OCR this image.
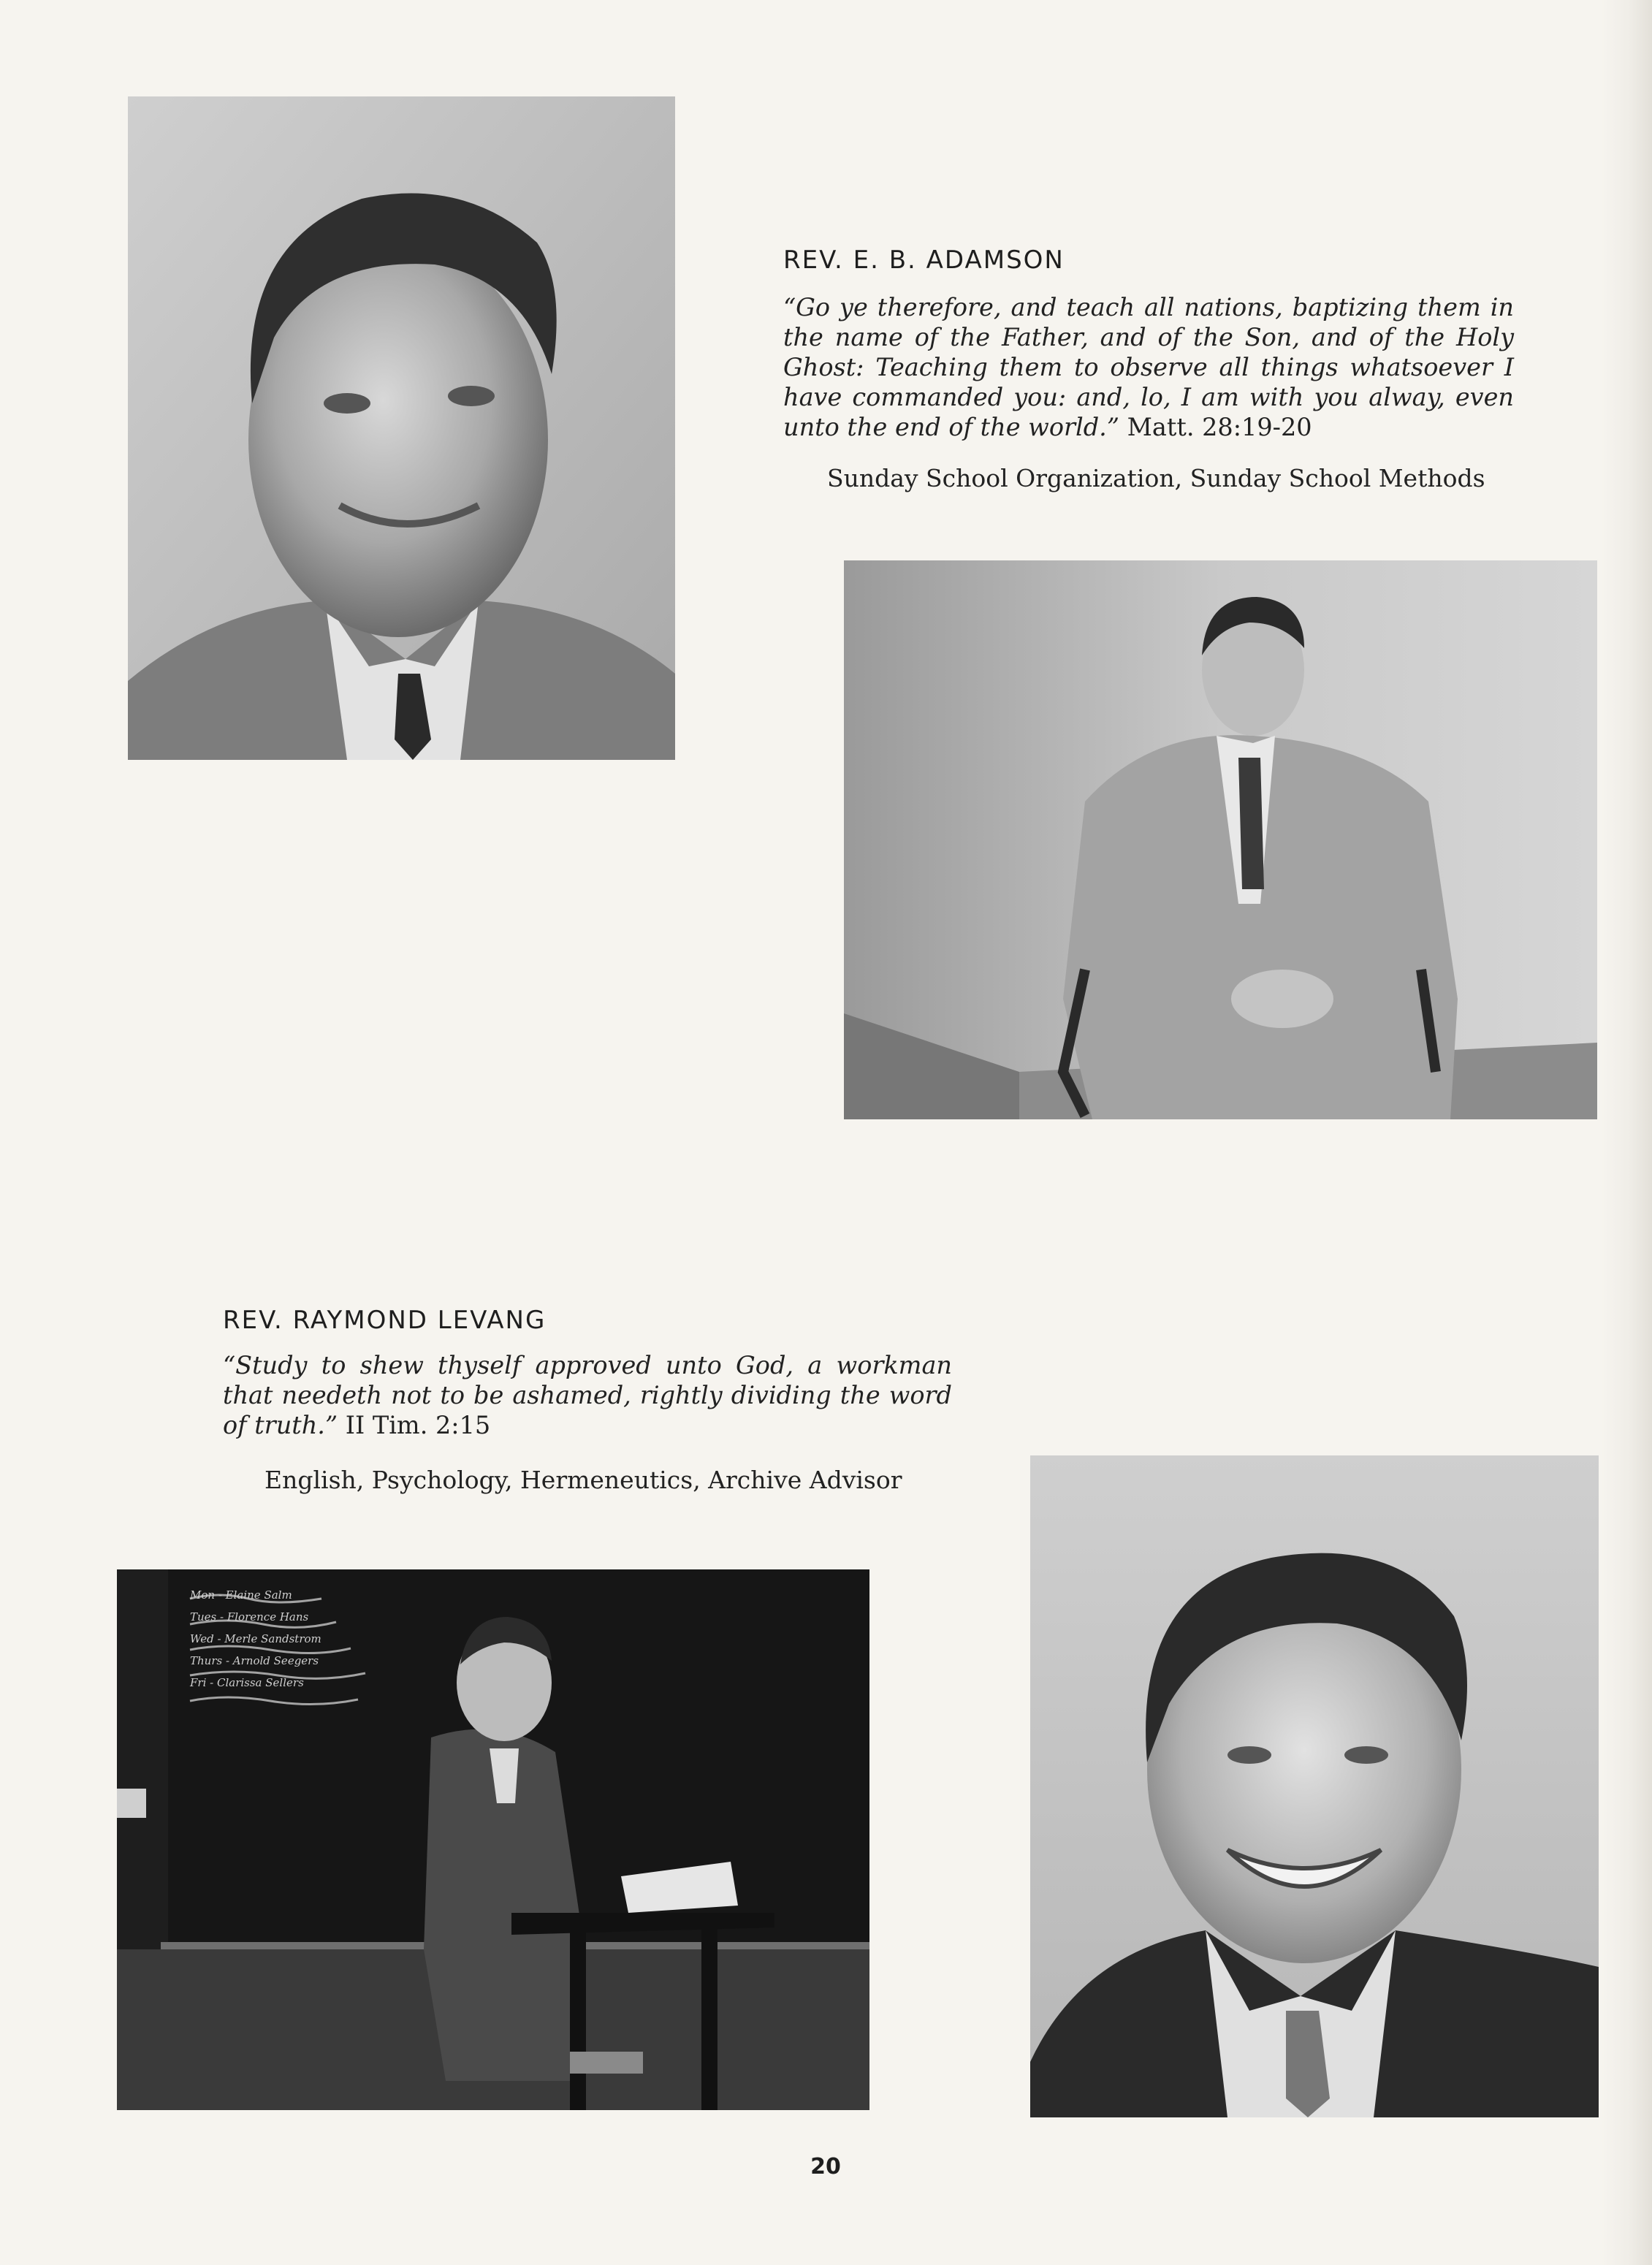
REV. E. B. ADAMSON

“Go ye therefore, and teach all nations, baptizing them in the name of the Father, and of the Son, and of the Holy Ghost: Teaching them to observe all things whatsoever I have commanded you: and, lo, I am with you alway, even unto the end of the world.” Matt. 28:19-20

Sunday School Organization, Sunday School Methods

REV. RAYMOND LEVANG

“Study to shew thyself approved unto God, a workman that needeth not to be ashamed, rightly dividing the word of truth.” II Tim. 2:15

English, Psychology, Hermeneutics, Archive Advisor

Mon - Elaine Salm
Tues - Florence Hans
Wed - Merle Sandstrom
Thurs - Arnold Seegers
Fri - Clarissa Sellers
20
